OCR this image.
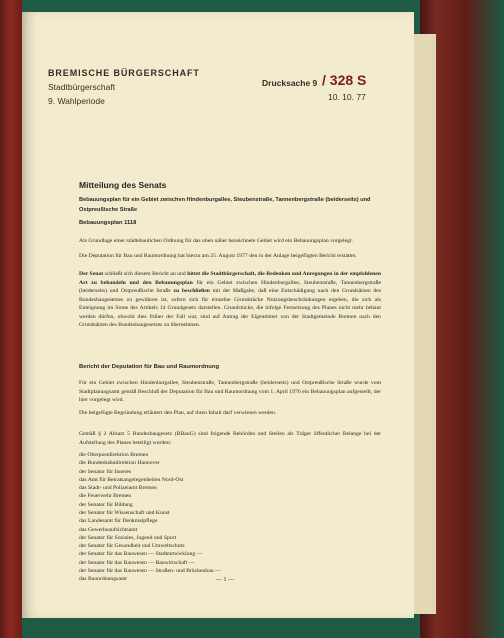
BREMISCHE BÜRGERSCHAFT
Stadtbürgerschaft
9. Wahlperiode
Drucksache 9 / 328 S
10. 10. 77
Mitteilung des Senats
Bebauungsplan für ein Gebiet zwischen Hindenburgallee, Steubenstraße, Tannenbergstraße (beiderseits) und Ostpreußische Straße
Bebauungsplan 1118
Als Grundlage einer städtebaulichen Ordnung für das oben näher bezeichnete Gebiet wird ein Bebauungsplan vorgelegt.
Die Deputation für Bau und Raumordnung hat hierzu am 25. August 1977 den in der Anlage beigefügten Bericht erstattet.
Der Senat schließt sich diesem Bericht an und bittet die Stadtbürgerschaft, die Bedenken und Anregungen in der empfohlenen Art zu behandeln und den Bebauungsplan für ein Gebiet zwischen Hindenburgallee, Steubenstraße, Tannenbergstraße (beiderseits) und Ostpreußische Straße zu beschließen mit der Maßgabe, daß eine Entschädigung nach den Grundsätzen des Bundesbaugesetzes zu gewähren ist, sofern sich für einzelne Grundstücke Nutzungsbeschränkungen ergeben, die sich als Enteignung im Sinne des Artikels 14 Grundgesetz darstellen. Grundstücke, die infolge Festsetzung des Planes nicht mehr bebaut werden dürfen, obwohl dies früher der Fall war, sind auf Antrag der Eigentümer von der Stadtgemeinde Bremen nach den Grundsätzen des Bundesbaugesetzes zu übernehmen.
Bericht der Deputation für Bau und Raumordnung
Für ein Gebiet zwischen Hindenburgallee, Steubenstraße, Tannenbergstraße (beiderseits) und Ostpreußische Straße wurde vom Stadtplanungsamt gemäß Beschluß der Deputation für Bau und Raumordnung vom 1. April 1976 ein Bebauungsplan aufgestellt, der hier vorgelegt wird.
Die beigefügte Begründung erläutert den Plan, auf ihren Inhalt darf verwiesen werden.
Gemäß § 2 Absatz 5 Bundesbaugesetz (BBauG) sind folgende Behörden und Stellen als Träger öffentlicher Belange bei der Aufstellung des Planes beteiligt worden:
die Oberpostdirektion Bremen
die Bundesbahndirektion Hannover
der Senator für Inneres
das Amt für Beiratsangelegenheiten Nord-Ost
das Stadt- und Polizeiamt Bremen
die Feuerwehr Bremen
der Senator für Bildung
der Senator für Wissenschaft und Kunst
das Landesamt für Denkmalpflege
das Gewerbeaufsichtsamt
der Senator für Soziales, Jugend und Sport
der Senator für Gesundheit und Umweltschutz
der Senator für das Bauwesen — Stadtentwicklung —
der Senator für das Bauwesen — Bauwirtschaft —
der Senator für das Bauwesen — Straßen- und Brückenbau —
das Bauordnungsamt	— 1 —
